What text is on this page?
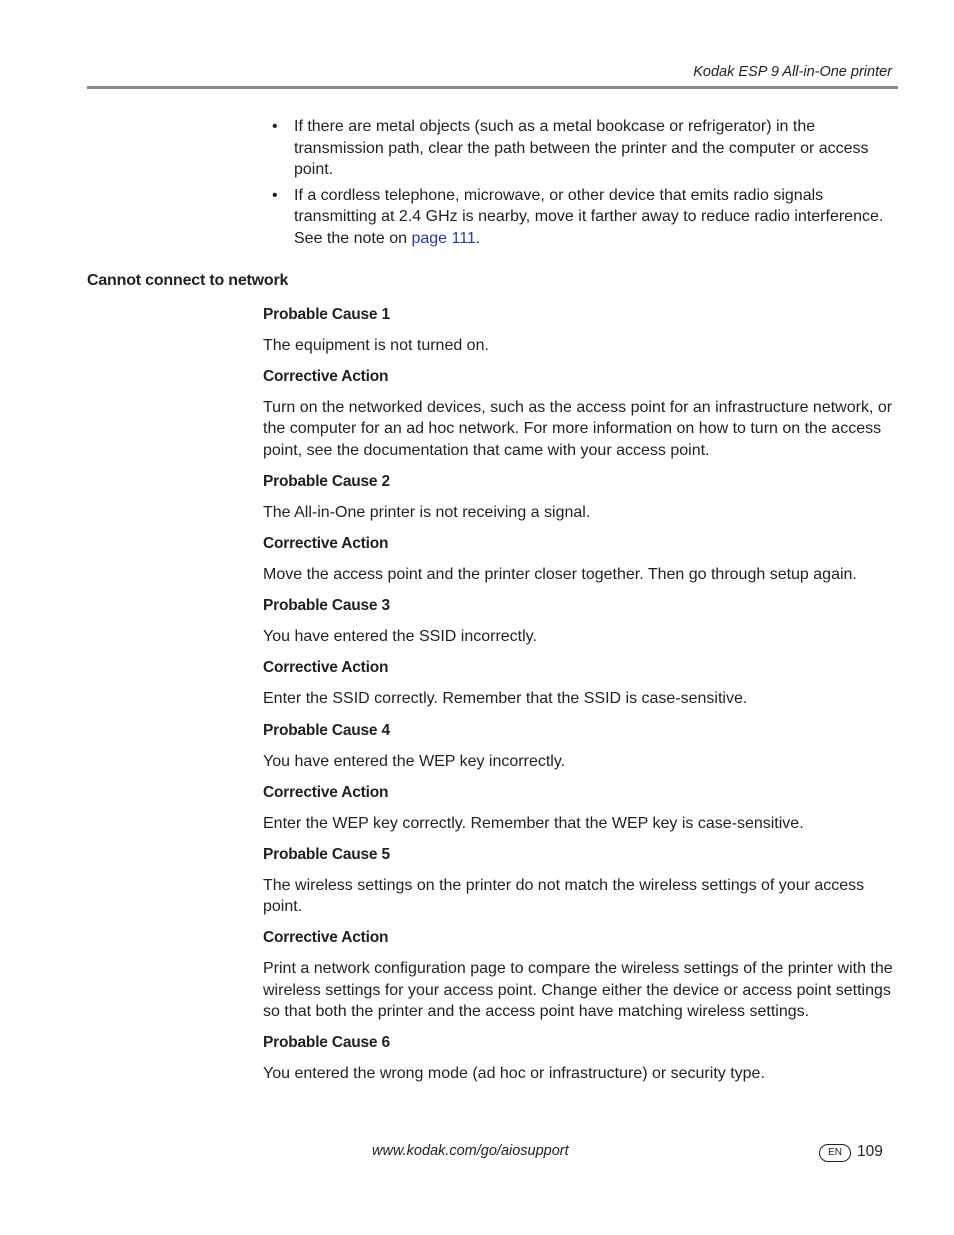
Kodak ESP 9 All-in-One printer
• If there are metal objects (such as a metal bookcase or refrigerator) in the transmission path, clear the path between the printer and the computer or access point.
• If a cordless telephone, microwave, or other device that emits radio signals transmitting at 2.4 GHz is nearby, move it farther away to reduce radio interference. See the note on page 111.
Cannot connect to network

Probable Cause 1

The equipment is not turned on.

Corrective Action

Turn on the networked devices, such as the access point for an infrastructure network, or the computer for an ad hoc network. For more information on how to turn on the access point, see the documentation that came with your access point.

Probable Cause 2

The All-in-One printer is not receiving a signal.

Corrective Action

Move the access point and the printer closer together. Then go through setup again.

Probable Cause 3

You have entered the SSID incorrectly.

Corrective Action

Enter the SSID correctly. Remember that the SSID is case-sensitive.

Probable Cause 4

You have entered the WEP key incorrectly.

Corrective Action

Enter the WEP key correctly. Remember that the WEP key is case-sensitive.

Probable Cause 5

The wireless settings on the printer do not match the wireless settings of your access point.

Corrective Action

Print a network configuration page to compare the wireless settings of the printer with the wireless settings for your access point. Change either the device or access point settings so that both the printer and the access point have matching wireless settings.

Probable Cause 6

You entered the wrong mode (ad hoc or infrastructure) or security type.

www.kodak.com/go/aiosupport	EN 109
